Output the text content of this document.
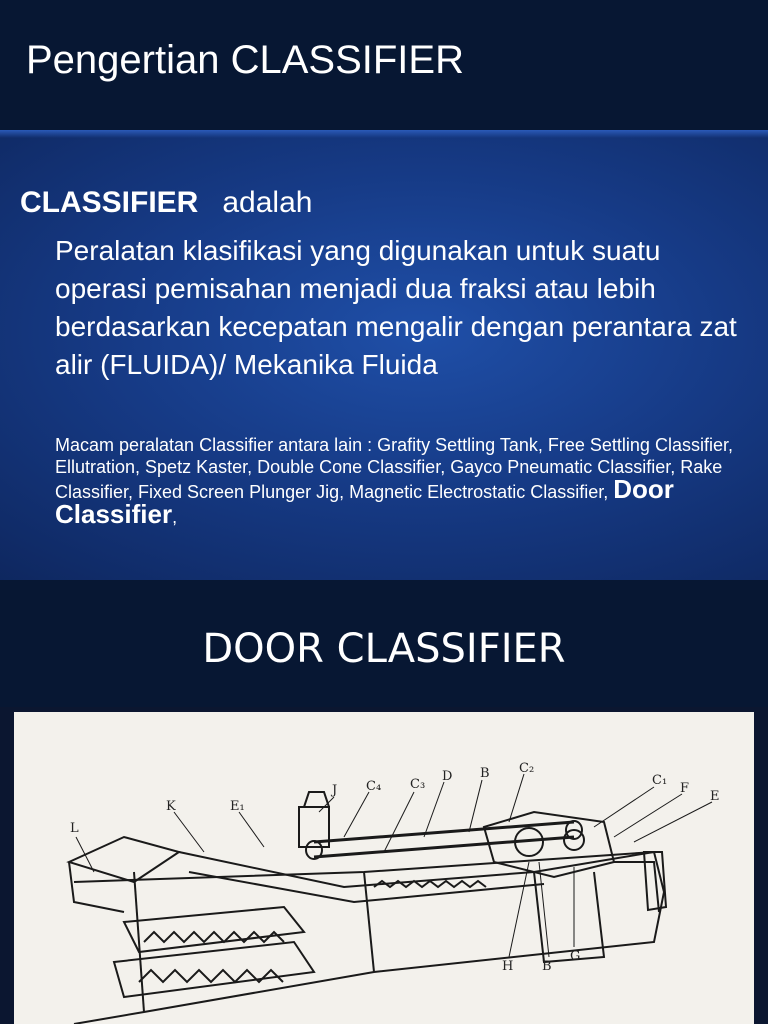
Pengertian CLASSIFIER
CLASSIFIER adalah
Peralatan klasifikasi yang digunakan untuk suatu operasi pemisahan menjadi dua fraksi atau lebih berdasarkan kecepatan mengalir dengan perantara zat alir (FLUIDA)/ Mekanika Fluida
Macam peralatan Classifier antara lain : Grafity Settling Tank, Free Settling Classifier, Ellutration, Spetz Kaster, Double Cone Classifier, Gayco Pneumatic Classifier, Rake Classifier, Fixed Screen Plunger Jig, Magnetic Electrostatic Classifier, Door Classifier,
DOOR CLASSIFIER
L
K	E₁
J C₄ C₃
D B C₂
C₁
F
E
H B
G
